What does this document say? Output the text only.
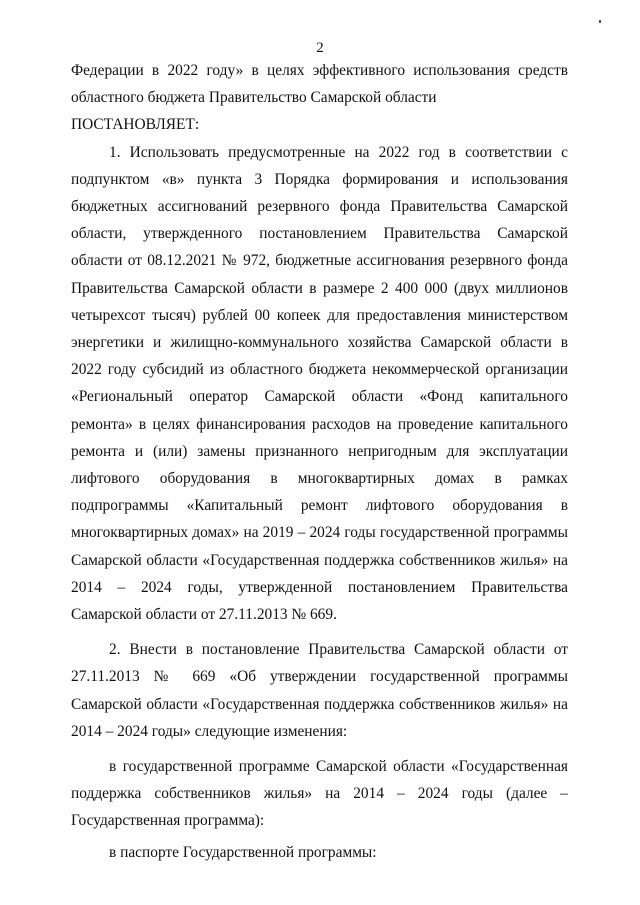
2

Федерации в 2022 году» в целях эффективного использования средств областного бюджета Правительство Самарской области

ПОСТАНОВЛЯЕТ:

1. Использовать предусмотренные на 2022 год в соответствии с подпунктом «в» пункта 3 Порядка формирования и использования бюджетных ассигнований резервного фонда Правительства Самарской области, утвержденного постановлением Правительства Самарской области от 08.12.2021 № 972, бюджетные ассигнования резервного фонда Правительства Самарской области в размере 2 400 000 (двух миллионов четырехсот тысяч) рублей 00 копеек для предоставления министерством энергетики и жилищно-коммунального хозяйства Самарской области в 2022 году субсидий из областного бюджета некоммерческой организации «Региональный оператор Самарской области «Фонд капитального ремонта» в целях финансирования расходов на проведение капитального ремонта и (или) замены признанного непригодным для эксплуатации лифтового оборудования в многоквартирных домах в рамках подпрограммы «Капитальный ремонт лифтового оборудования в многоквартирных домах» на 2019 – 2024 годы государственной программы Самарской области «Государственная поддержка собственников жилья» на 2014 – 2024 годы, утвержденной постановлением Правительства Самарской области от 27.11.2013 № 669.

2. Внести в постановление Правительства Самарской области от 27.11.2013 № 669 «Об утверждении государственной программы Самарской области «Государственная поддержка собственников жилья» на 2014 – 2024 годы» следующие изменения:

в государственной программе Самарской области «Государственная поддержка собственников жилья» на 2014 – 2024 годы (далее – Государственная программа):

в паспорте Государственной программы:
